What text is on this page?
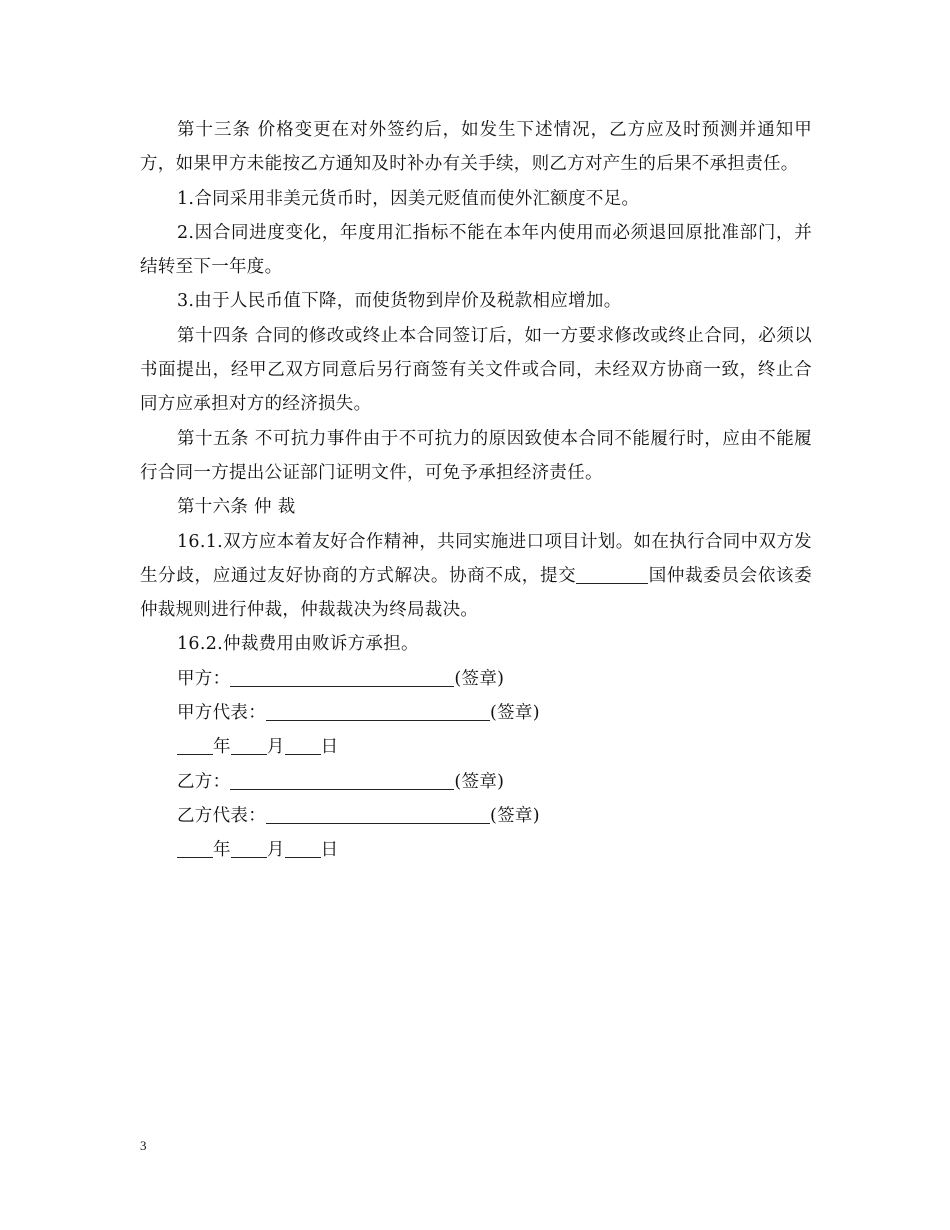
第十三条 价格变更在对外签约后，如发生下述情况，乙方应及时预测并通知甲方，如果甲方未能按乙方通知及时补办有关手续，则乙方对产生的后果不承担责任。

1.合同采用非美元货币时，因美元贬值而使外汇额度不足。

2.因合同进度变化，年度用汇指标不能在本年内使用而必须退回原批准部门，并结转至下一年度。

3.由于人民币值下降，而使货物到岸价及税款相应增加。

第十四条 合同的修改或终止本合同签订后，如一方要求修改或终止合同，必须以书面提出，经甲乙双方同意后另行商签有关文件或合同，未经双方协商一致，终止合同方应承担对方的经济损失。

第十五条 不可抗力事件由于不可抗力的原因致使本合同不能履行时，应由不能履行合同一方提出公证部门证明文件，可免予承担经济责任。

第十六条 仲 裁

16.1.双方应本着友好合作精神，共同实施进口项目计划。如在执行合同中双方发生分歧，应通过友好协商的方式解决。协商不成，提交	国仲裁委员会依该委仲裁规则进行仲裁，仲裁裁决为终局裁决。

16.2.仲裁费用由败诉方承担。

甲方：	(签章)
甲方代表：	(签章)
年 月 日
乙方：	(签章)
乙方代表：	(签章)
年 月 日
3
